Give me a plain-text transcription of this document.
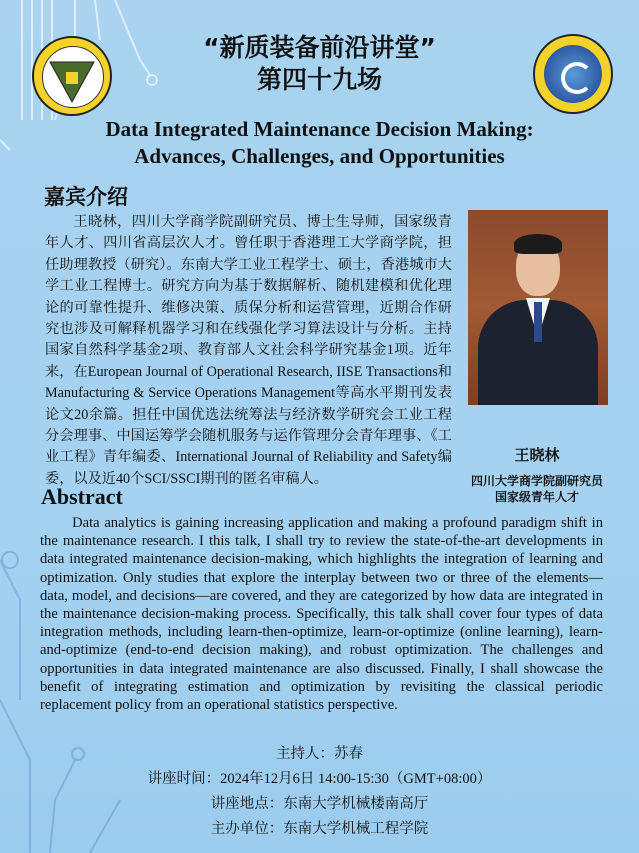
“新质装备前沿讲堂”
第四十九场
Data Integrated Maintenance Decision Making:
Advances, Challenges, and Opportunities
嘉宾介绍
王晓林，四川大学商学院副研究员、博士生导师，国家级青年人才、四川省高层次人才。曾任职于香港理工大学商学院，担任助理教授（研究）。东南大学工业工程学士、硕士，香港城市大学工业工程博士。研究方向为基于数据解析、随机建模和优化理论的可靠性提升、维修决策、质保分析和运营管理，近期合作研究也涉及可解释机器学习和在线强化学习算法设计与分析。主持国家自然科学基金2项、教育部人文社会科学研究基金1项。近年来，在European Journal of Operational Research, IISE Transactions和Manufacturing & Service Operations Management等高水平期刊发表论文20余篇。担任中国优选法统筹法与经济数学研究会工业工程分会理事、中国运筹学会随机服务与运作管理分会青年理事、《工业工程》青年编委、International Journal of Reliability and Safety编委，以及近40个SCI/SSCI期刊的匿名审稿人。
王晓林
四川大学商学院副研究员
国家级青年人才
Abstract
Data analytics is gaining increasing application and making a profound paradigm shift in the maintenance research. I this talk, I shall try to review the state-of-the-art developments in data integrated maintenance decision-making, which highlights the integration of learning and optimization. Only studies that explore the interplay between two or three of the elements—data, model, and decisions—are covered, and they are categorized by how data are integrated in the maintenance decision-making process. Specifically, this talk shall cover four types of data integration methods, including learn-then-optimize, learn-or-optimize (online learning), learn-and-optimize (end-to-end decision making), and robust optimization. The challenges and opportunities in data integrated maintenance are also discussed. Finally, I shall showcase the benefit of integrating estimation and optimization by revisiting the classical periodic replacement policy from an operational statistics perspective.
主持人：苏春
讲座时间：2024年12月6日 14:00-15:30（GMT+08:00）
讲座地点：东南大学机械楼南高厅
主办单位：东南大学机械工程学院
